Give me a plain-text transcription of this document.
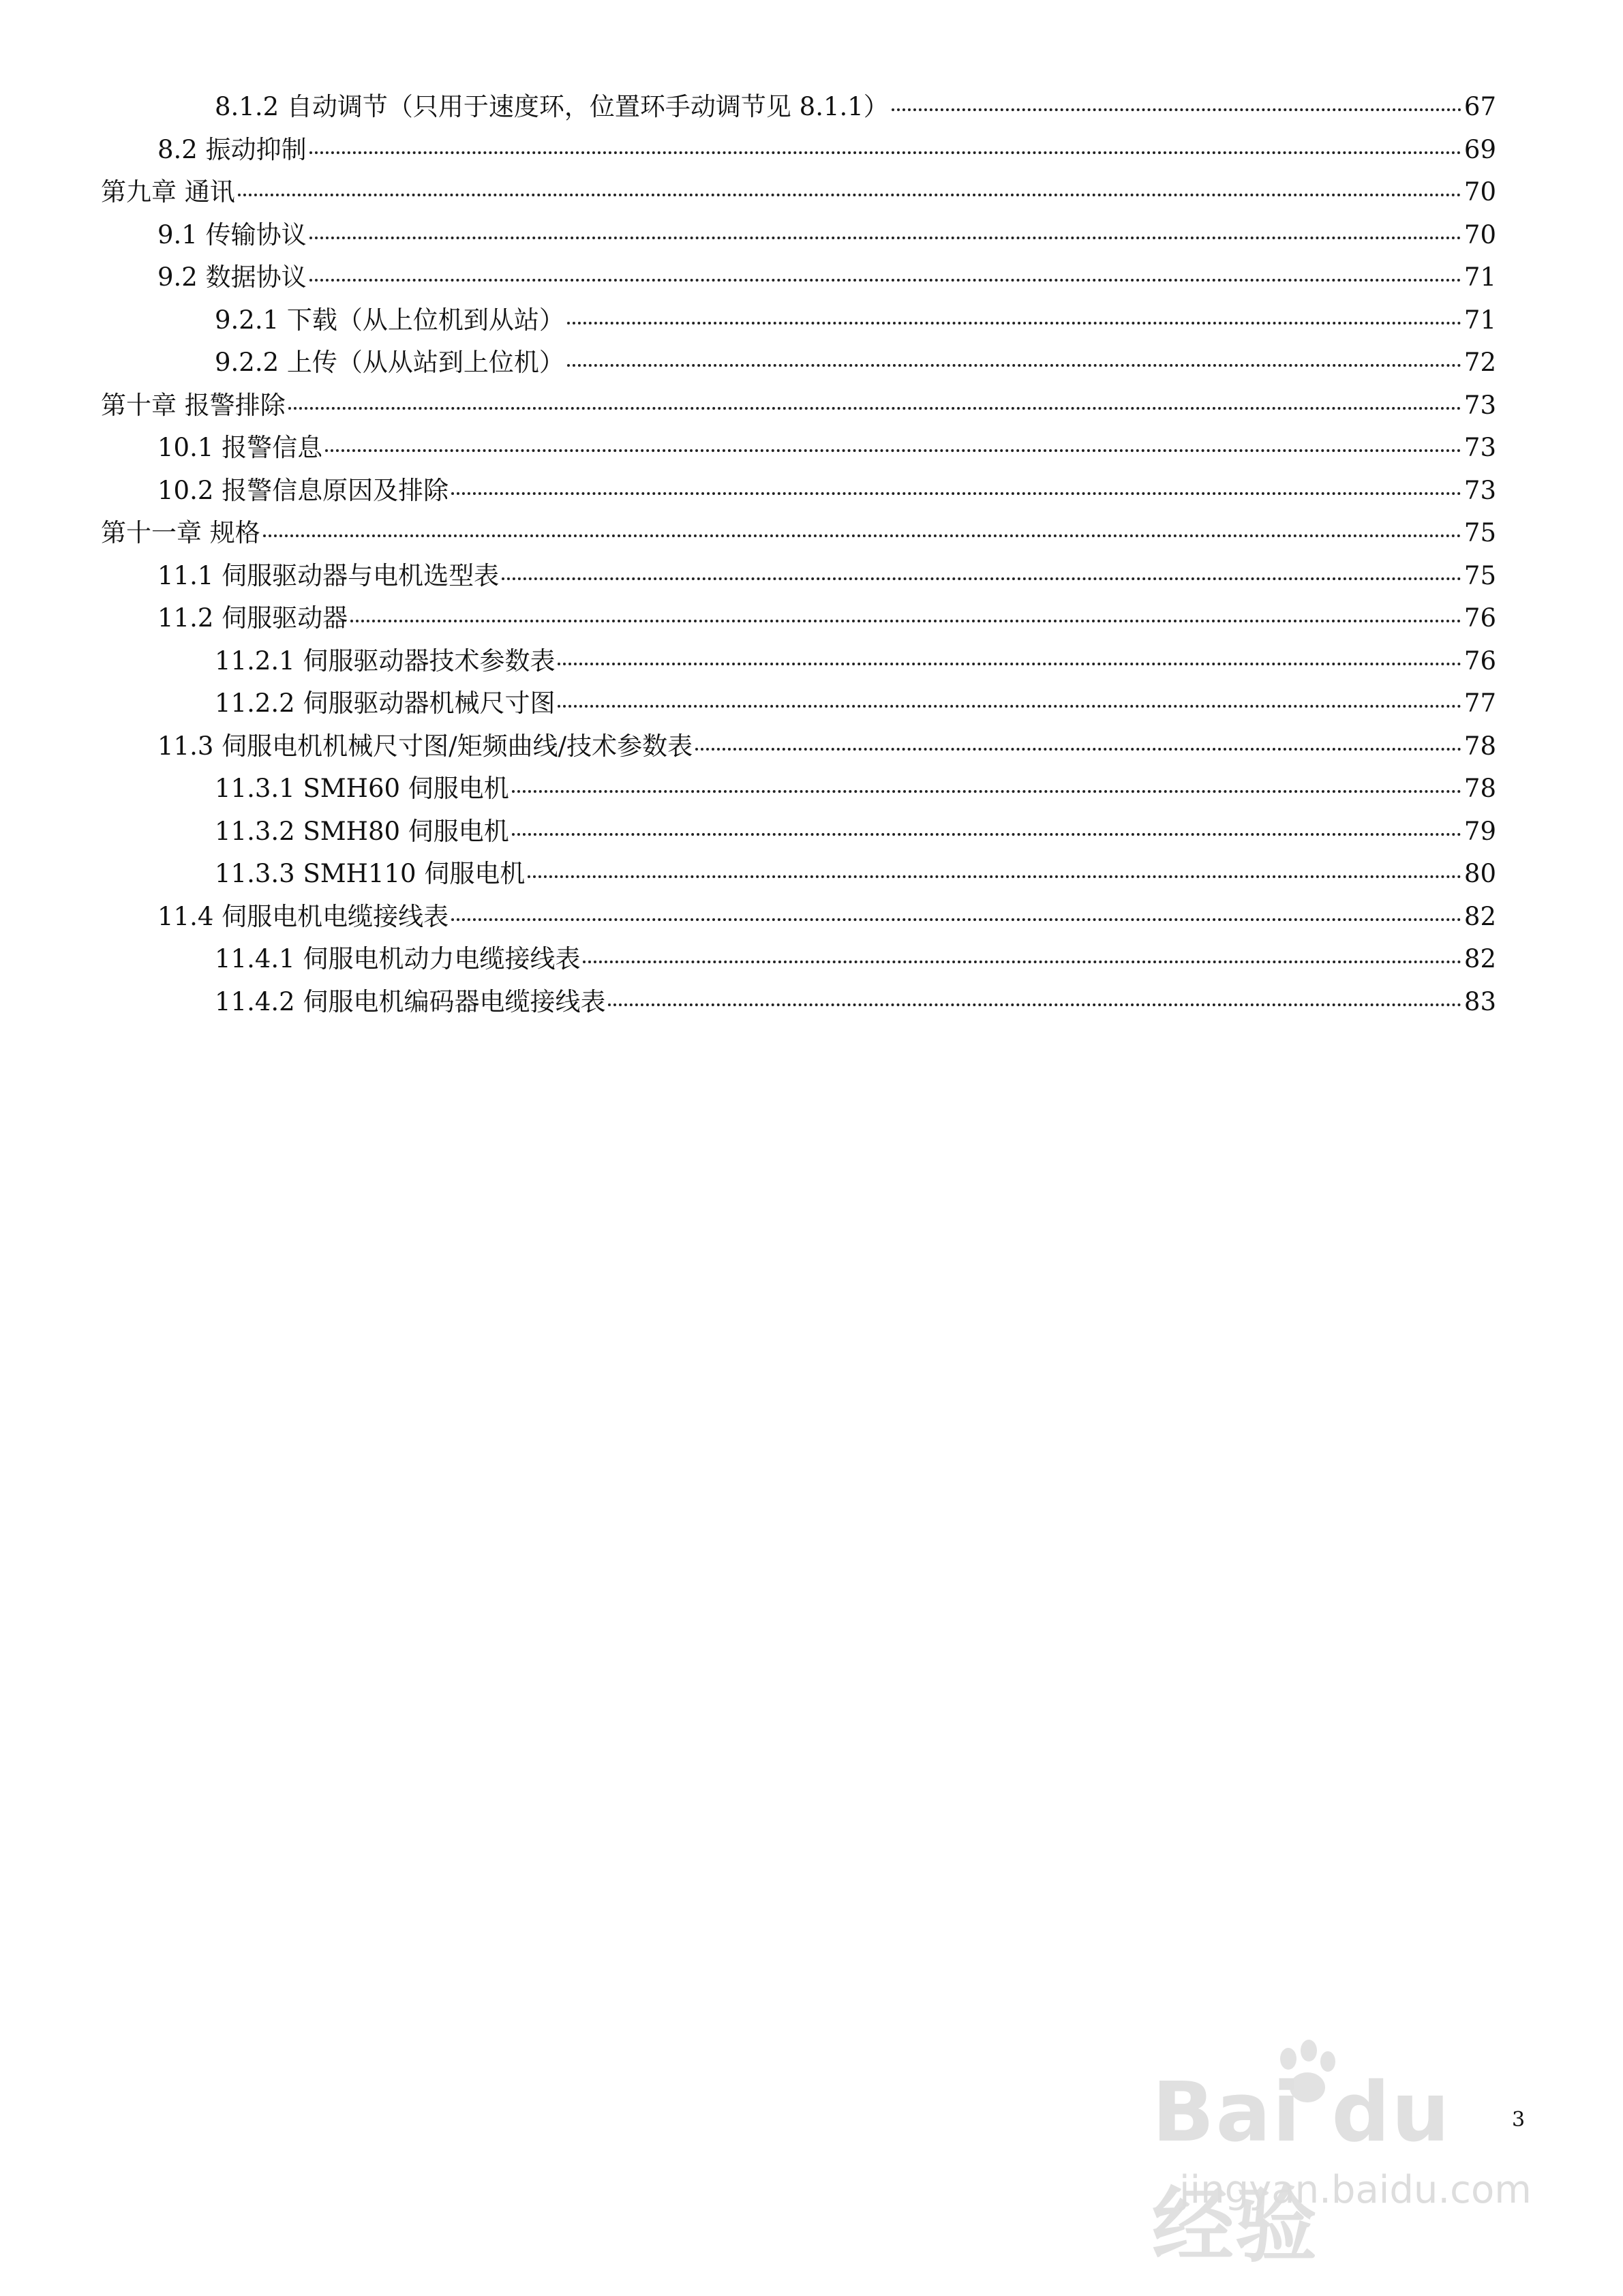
8.1.2 自动调节（只用于速度环，位置环手动调节见 8.1.1）	67
8.2 振动抑制	69
第九章 通讯	70
9.1 传输协议	70
9.2 数据协议	71
9.2.1 下载（从上位机到从站）	71
9.2.2 上传（从从站到上位机）	72
第十章 报警排除	73
10.1 报警信息	73
10.2 报警信息原因及排除	73
第十一章 规格	75
11.1 伺服驱动器与电机选型表	75
11.2 伺服驱动器	76
11.2.1 伺服驱动器技术参数表	76
11.2.2 伺服驱动器机械尺寸图	77
11.3 伺服电机机械尺寸图/矩频曲线/技术参数表	78
11.3.1 SMH60 伺服电机	78
11.3.2 SMH80 伺服电机	79
11.3.3 SMH110 伺服电机	80
11.4 伺服电机电缆接线表	82
11.4.1 伺服电机动力电缆接线表	82
11.4.2 伺服电机编码器电缆接线表	83
Bai du 经验
jingyan.baidu.com
3
